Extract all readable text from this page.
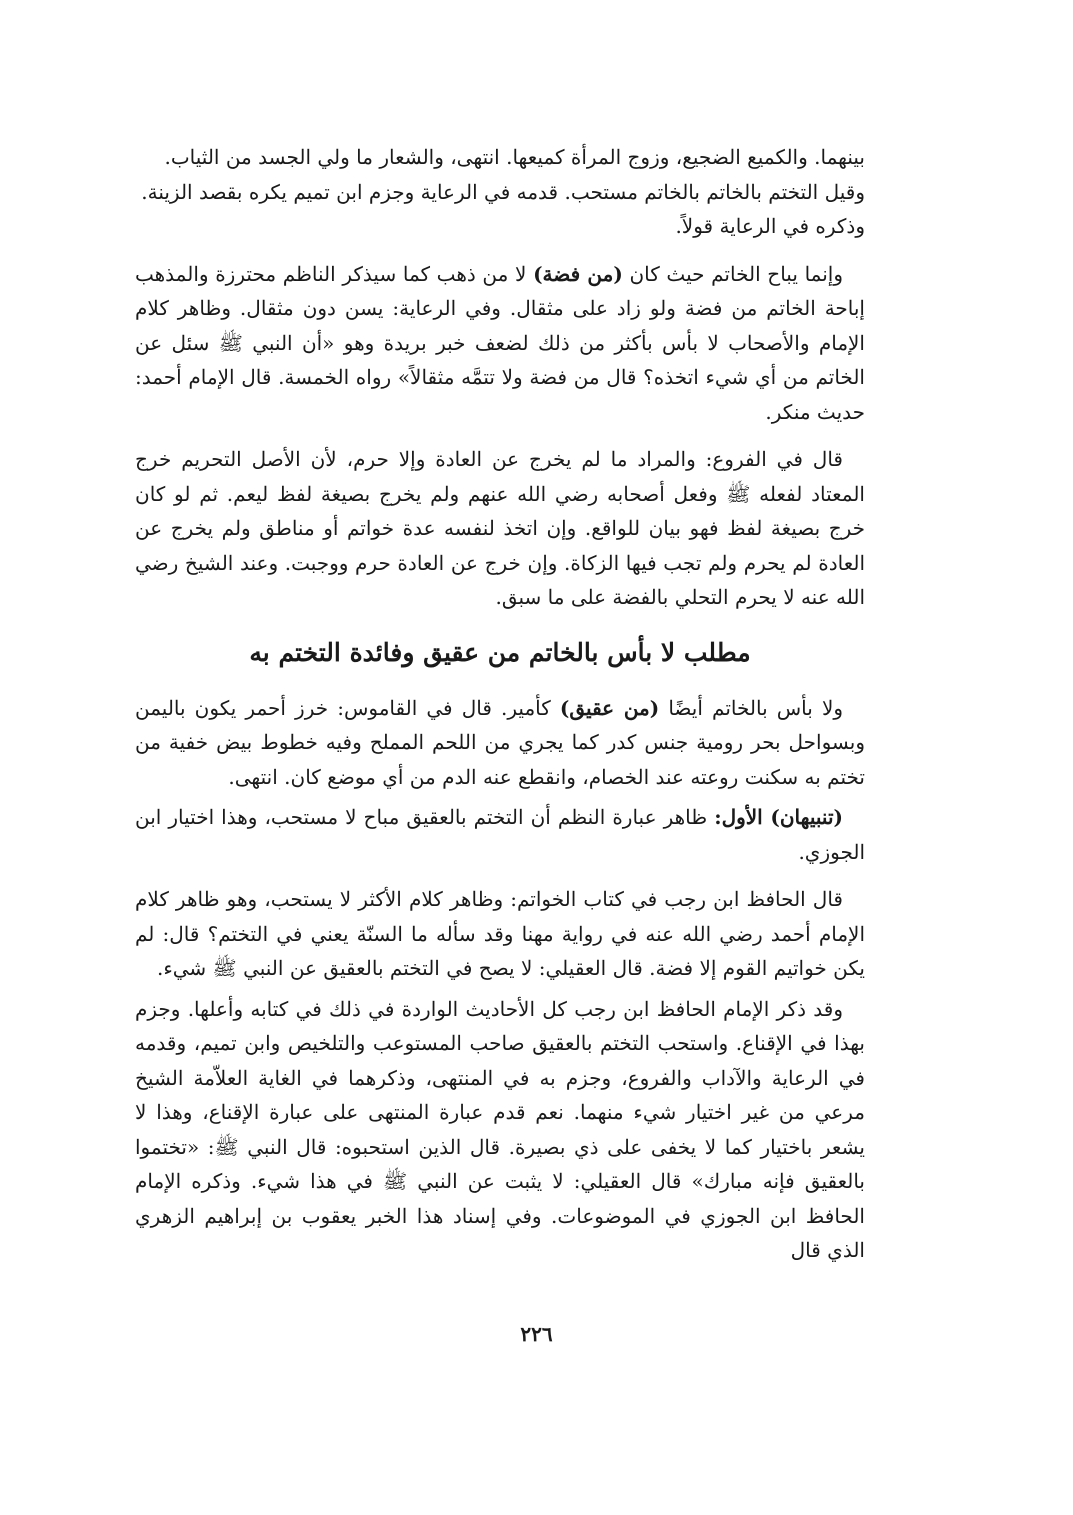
بينهما. والكميع الضجيع، وزوج المرأة كميعها. انتهى، والشعار ما ولي الجسد من الثياب.
وقيل التختم بالخاتم بالخاتم مستحب. قدمه في الرعاية وجزم ابن تميم يكره بقصد الزينة.
وذكره في الرعاية قولاً.

وإنما يباح الخاتم حيث كان (من فضة) لا من ذهب كما سيذكر الناظم محترزة والمذهب إباحة الخاتم من فضة ولو زاد على مثقال. وفي الرعاية: يسن دون مثقال. وظاهر كلام الإمام والأصحاب لا بأس بأكثر من ذلك لضعف خبر بريدة وهو «أن النبي ﷺ سئل عن الخاتم من أي شيء اتخذه؟ قال من فضة ولا تتمَّه مثقالاً» رواه الخمسة. قال الإمام أحمد: حديث منكر.

قال في الفروع: والمراد ما لم يخرج عن العادة وإلا حرم، لأن الأصل التحريم خرج المعتاد لفعله ﷺ وفعل أصحابه رضي الله عنهم ولم يخرج بصيغة لفظ ليعم. ثم لو كان خرج بصيغة لفظ فهو بيان للواقع. وإن اتخذ لنفسه عدة خواتم أو مناطق ولم يخرج عن العادة لم يحرم ولم تجب فيها الزكاة. وإن خرج عن العادة حرم ووجبت. وعند الشيخ رضي الله عنه لا يحرم التحلي بالفضة على ما سبق.

مطلب لا بأس بالخاتم من عقيق وفائدة التختم به

ولا بأس بالخاتم أيضًا (من عقيق) كأمير. قال في القاموس: خرز أحمر يكون باليمن وبسواحل بحر رومية جنس كدر كما يجري من اللحم المملح وفيه خطوط بيض خفية من تختم به سكنت روعته عند الخصام، وانقطع عنه الدم من أي موضع كان. انتهى.

(تنبيهان) الأول: ظاهر عبارة النظم أن التختم بالعقيق مباح لا مستحب، وهذا اختيار ابن الجوزي.

قال الحافظ ابن رجب في كتاب الخواتم: وظاهر كلام الأكثر لا يستحب، وهو ظاهر كلام الإمام أحمد رضي الله عنه في رواية مهنا وقد سأله ما السنّة يعني في التختم؟ قال: لم يكن خواتيم القوم إلا فضة. قال العقيلي: لا يصح في التختم بالعقيق عن النبي ﷺ شيء.

وقد ذكر الإمام الحافظ ابن رجب كل الأحاديث الواردة في ذلك في كتابه وأعلها. وجزم بهذا في الإقناع. واستحب التختم بالعقيق صاحب المستوعب والتلخيص وابن تميم، وقدمه في الرعاية والآداب والفروع، وجزم به في المنتهى، وذكرهما في الغاية العلاّمة الشيخ مرعي من غير اختيار شيء منهما. نعم قدم عبارة المنتهى على عبارة الإقناع، وهذا لا يشعر باختيار كما لا يخفى على ذي بصيرة. قال الذين استحبوه: قال النبي ﷺ: «تختموا بالعقيق فإنه مبارك» قال العقيلي: لا يثبت عن النبي ﷺ في هذا شيء. وذكره الإمام الحافظ ابن الجوزي في الموضوعات. وفي إسناد هذا الخبر يعقوب بن إبراهيم الزهري الذي قال

٢٢٦
